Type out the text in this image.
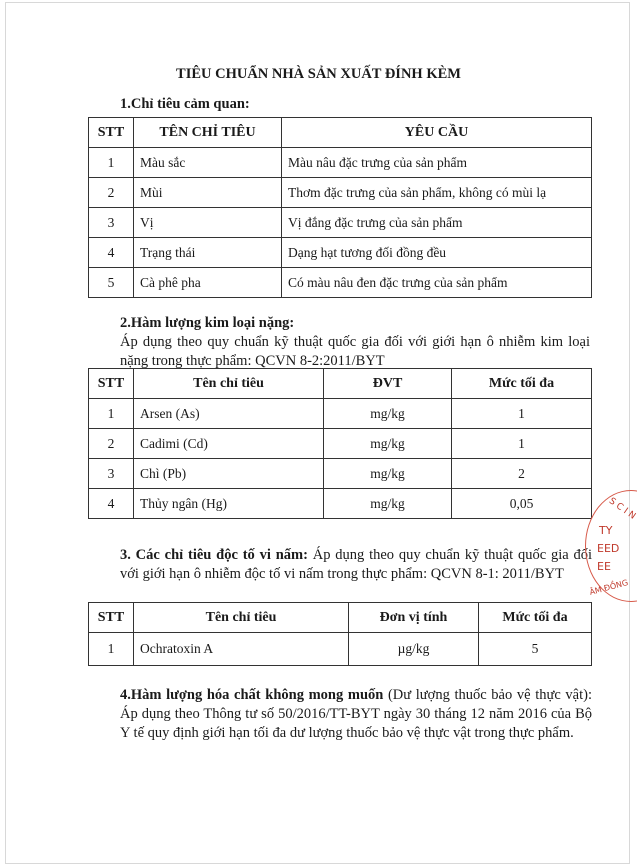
TIÊU CHUẨN NHÀ SẢN XUẤT ĐÍNH KÈM
1.Chỉ tiêu cảm quan:
STT	TÊN CHỈ TIÊU	YÊU CẦU
1	Màu sắc	Màu nâu đặc trưng của sản phẩm
2	Mùi	Thơm đặc trưng của sản phẩm, không có mùi lạ
3	Vị	Vị đắng đặc trưng của sản phẩm
4	Trạng thái	Dạng hạt tương đối đồng đều
5	Cà phê pha	Có màu nâu đen đặc trưng của sản phẩm
2.Hàm lượng kim loại nặng:
Áp dụng theo quy chuẩn kỹ thuật quốc gia đối với giới hạn ô nhiễm kim loại nặng trong thực phẩm: QCVN 8-2:2011/BYT
STT	Tên chỉ tiêu	ĐVT	Mức tối đa
1	Arsen (As)	mg/kg	1
2	Cadimi (Cd)	mg/kg	1
3	Chì (Pb)	mg/kg	2
4	Thủy ngân (Hg)	mg/kg	0,05
3. Các chỉ tiêu độc tố vi nấm: Áp dụng theo quy chuẩn kỹ thuật quốc gia đối với giới hạn ô nhiễm độc tố vi nấm trong thực phẩm: QCVN 8-1: 2011/BYT
STT	Tên chỉ tiêu	Đơn vị tính	Mức tối đa
1	Ochratoxin A	µg/kg	5
4.Hàm lượng hóa chất không mong muốn (Dư lượng thuốc bảo vệ thực vật): Áp dụng theo Thông tư số 50/2016/TT-BYT ngày 30 tháng 12 năm 2016 của Bộ Y tế quy định giới hạn tối đa dư lượng thuốc bảo vệ thực vật trong thực phẩm.
S C I N
TY
EED
EE
ÂM ĐỒNG
